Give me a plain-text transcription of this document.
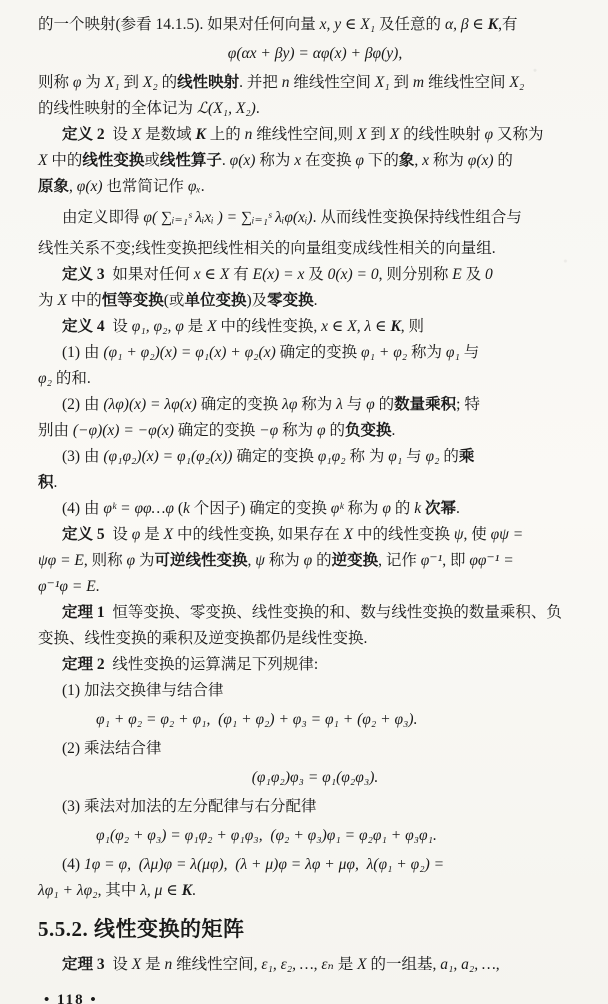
的一个映射(参看 14.1.5). 如果对任何向量 x, y ∈ X₁ 及任意的 α, β ∈ K,有
φ(αx + βy) = αφ(x) + βφ(y),
则称 φ 为 X₁ 到 X₂ 的线性映射. 并把 n 维线性空间 X₁ 到 m 维线性空间 X₂
的线性映射的全体记为 ℒ(X₁, X₂).
定义 2  设 X 是数域 K 上的 n 维线性空间,则 X 到 X 的线性映射 φ 又称为
X 中的线性变换或线性算子. φ(x) 称为 x 在变换 φ 下的象, x 称为 φ(x) 的
原象, φ(x) 也常简记作 φₓ.
由定义即得 φ( ∑ᵢ₌₁ˢ λᵢxᵢ ) = ∑ᵢ₌₁ˢ λᵢφ(xᵢ). 从而线性变换保持线性组合与
线性关系不变;线性变换把线性相关的向量组变成线性相关的向量组.
定义 3  如果对任何 x ∈ X 有 E(x) = x 及 0(x) = 0, 则分别称 E 及 0
为 X 中的恒等变换(或单位变换)及零变换.
定义 4  设 φ₁, φ₂, φ 是 X 中的线性变换, x ∈ X, λ ∈ K, 则
(1) 由 (φ₁ + φ₂)(x) = φ₁(x) + φ₂(x) 确定的变换 φ₁ + φ₂ 称为 φ₁ 与
φ₂ 的和.
(2) 由 (λφ)(x) = λφ(x) 确定的变换 λφ 称为 λ 与 φ 的数量乘积; 特
别由 (−φ)(x) = −φ(x) 确定的变换 −φ 称为 φ 的负变换.
(3) 由 (φ₁φ₂)(x) = φ₁(φ₂(x)) 确定的变换 φ₁φ₂ 称 为 φ₁ 与 φ₂ 的乘
积.
(4) 由 φᵏ = φφ…φ (k 个因子) 确定的变换 φᵏ 称为 φ 的 k 次幂.
定义 5  设 φ 是 X 中的线性变换, 如果存在 X 中的线性变换 ψ, 使 φψ =
ψφ = E, 则称 φ 为可逆线性变换, ψ 称为 φ 的逆变换, 记作 φ⁻¹, 即 φφ⁻¹ =
φ⁻¹φ = E.
定理 1  恒等变换、零变换、线性变换的和、数与线性变换的数量乘积、负
变换、线性变换的乘积及逆变换都仍是线性变换.
定理 2  线性变换的运算满足下列规律:
(1) 加法交换律与结合律
φ₁ + φ₂ = φ₂ + φ₁,  (φ₁ + φ₂) + φ₃ = φ₁ + (φ₂ + φ₃).
(2) 乘法结合律
(φ₁φ₂)φ₃ = φ₁(φ₂φ₃).
(3) 乘法对加法的左分配律与右分配律
φ₁(φ₂ + φ₃) = φ₁φ₂ + φ₁φ₃,  (φ₂ + φ₃)φ₁ = φ₂φ₁ + φ₃φ₁.
(4) 1φ = φ,  (λμ)φ = λ(μφ),  (λ + μ)φ = λφ + μφ,  λ(φ₁ + φ₂) =
λφ₁ + λφ₂, 其中 λ, μ ∈ K.
5.5.2. 线性变换的矩阵
定理 3  设 X 是 n 维线性空间, ε₁, ε₂, …, εₙ 是 X 的一组基, a₁, a₂, …,
• 118 •
